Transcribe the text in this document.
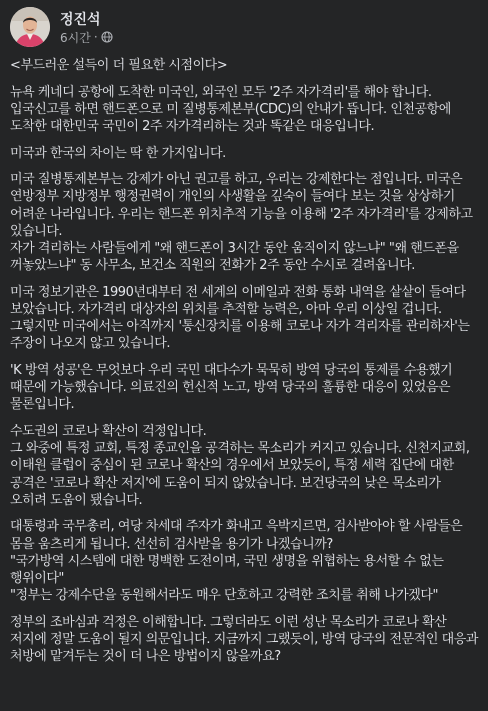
정진석
6시간 ·

<부드러운 설득이 더 필요한 시점이다>

뉴욕 케네디 공항에 도착한 미국인, 외국인 모두 '2주 자가격리'를 해야 합니다.입국신고를 하면 핸드폰으로 미 질병통제본부(CDC)의 안내가 뜹니다. 인천공항에 도착한 대한민국 국민이 2주 자가격리하는 것과 똑같은 대응입니다.

미국과 한국의 차이는 딱 한 가지입니다.

미국 질병통제본부는 강제가 아닌 권고를 하고, 우리는 강제한다는 점입니다. 미국은 연방정부 지방정부 행정권력이 개인의 사생활을 깊숙이 들여다 보는 것을 상상하기 어려운 나라입니다. 우리는 핸드폰 위치추적 기능을 이용해 '2주 자가격리'를 강제하고 있습니다.
자가 격리하는 사람들에게 "왜 핸드폰이 3시간 동안 움직이지 않느냐" "왜 핸드폰을 꺼놓았느냐" 동 사무소, 보건소 직원의 전화가 2주 동안 수시로 걸려옵니다.

미국 정보기관은 1990년대부터 전 세계의 이메일과 전화 통화 내역을 샅샅이 들여다 보았습니다. 자가격리 대상자의 위치를 추적할 능력은, 아마 우리 이상일 겁니다. 그렇지만 미국에서는 아직까지 '통신장치를 이용해 코로나 자가 격리자를 관리하자'는 주장이 나오지 않고 있습니다.

'K 방역 성공'은 무엇보다 우리 국민 대다수가 묵묵히 방역 당국의 통제를 수용했기 때문에 가능했습니다. 의료진의 헌신적 노고, 방역 당국의 훌륭한 대응이 있었음은 물론입니다.

수도권의 코로나 확산이 걱정입니다.
그 와중에 특정 교회, 특정 종교인을 공격하는 목소리가 커지고 있습니다. 신천지교회, 이태원 클럽이 중심이 된 코로나 확산의 경우에서 보았듯이, 특정 세력 집단에 대한 공격은 '코로나 확산 저지'에 도움이 되지 않았습니다. 보건당국의 낮은 목소리가 오히려 도움이 됐습니다.

대통령과 국무총리, 여당 차세대 주자가 화내고 윽박지르면, 검사받아야 할 사람들은 몸을 움츠리게 됩니다. 선선히 검사받을 용기가 나겠습니까?
"국가방역 시스템에 대한 명백한 도전이며, 국민 생명을 위협하는 용서할 수 없는 행위이다"
"정부는 강제수단을 동원해서라도 매우 단호하고 강력한 조치를 취해 나가겠다"

정부의 조바심과 걱정은 이해합니다. 그렇더라도 이런 성난 목소리가 코로나 확산 저지에 정말 도움이 될지 의문입니다. 지금까지 그랬듯이, 방역 당국의 전문적인 대응과 처방에 맡겨두는 것이 더 나은 방법이지 않을까요?
